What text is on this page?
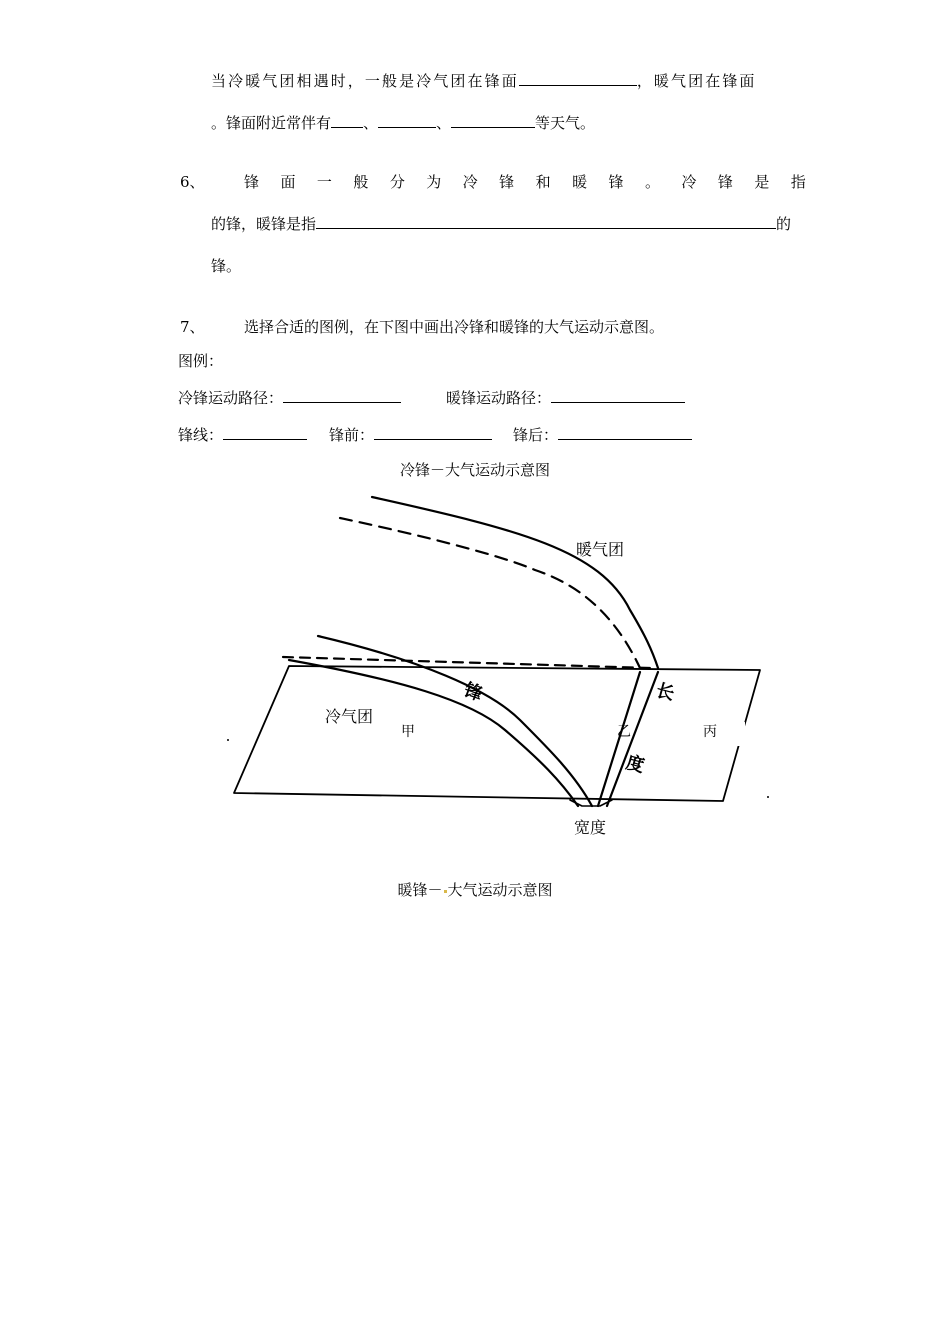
当冷暖气团相遇时，一般是冷气团在锋面	，暖气团在锋面
。锋面附近常伴有 、	、	等天气。
6、	锋 面 一 般 分 为 冷 锋 和 暖 锋 。 冷 锋 是 指
的锋，暖锋是指	的
锋。
7、	选择合适的图例，在下图中画出冷锋和暖锋的大气运动示意图。
图例：
冷锋运动路径：	暖锋运动路径：
锋线：	锋前：	锋后：
冷锋－大气运动示意图
暖气团
冷气团
锋	长
度
宽度
甲	乙	丙
暖锋－ 大气运动示意图
